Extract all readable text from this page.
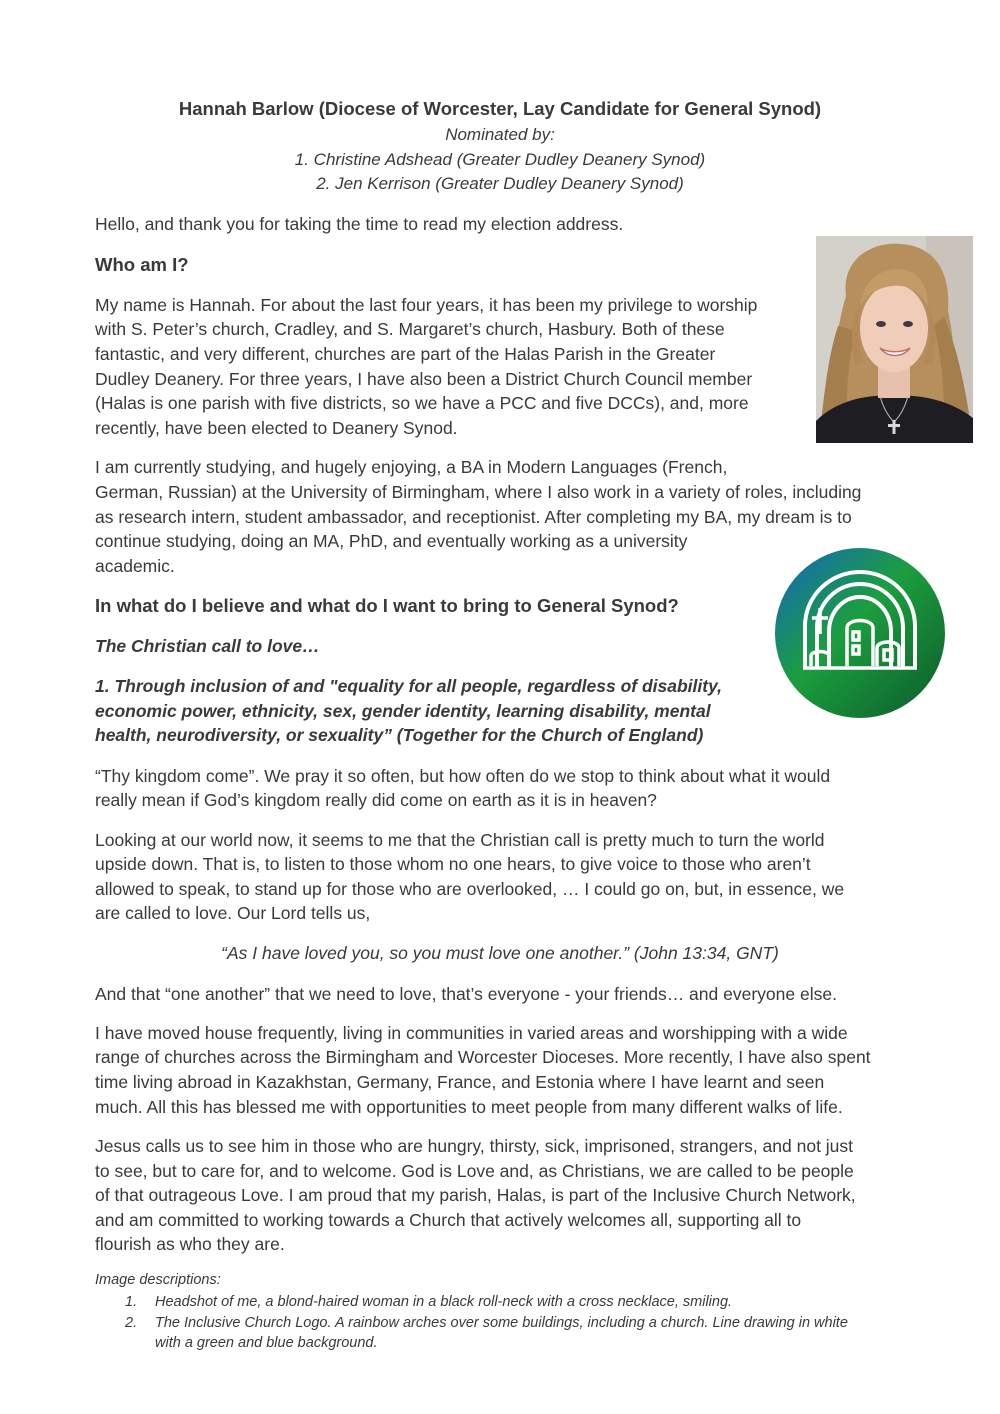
Hannah Barlow (Diocese of Worcester, Lay Candidate for General Synod)

Nominated by:

1. Christine Adshead (Greater Dudley Deanery Synod)

2. Jen Kerrison (Greater Dudley Deanery Synod)

Hello, and thank you for taking the time to read my election address.

Who am I?

My name is Hannah. For about the last four years, it has been my privilege to worship

with S. Peter’s church, Cradley, and S. Margaret’s church, Hasbury. Both of these

fantastic, and very different, churches are part of the Halas Parish in the Greater

Dudley Deanery. For three years, I have also been a District Church Council member

(Halas is one parish with five districts, so we have a PCC and five DCCs), and, more

recently, have been elected to Deanery Synod.

I am currently studying, and hugely enjoying, a BA in Modern Languages (French,

German, Russian) at the University of Birmingham, where I also work in a variety of roles, including

as research intern, student ambassador, and receptionist. After completing my BA, my dream is to

continue studying, doing an MA, PhD, and eventually working as a university

academic.

In what do I believe and what do I want to bring to General Synod?

The Christian call to love…

1. Through inclusion of and "equality for all people, regardless of disability,

economic power, ethnicity, sex, gender identity, learning disability, mental

health, neurodiversity, or sexuality” (Together for the Church of England)

“Thy kingdom come”. We pray it so often, but how often do we stop to think about what it would

really mean if God’s kingdom really did come on earth as it is in heaven?

Looking at our world now, it seems to me that the Christian call is pretty much to turn the world

upside down. That is, to listen to those whom no one hears, to give voice to those who aren’t

allowed to speak, to stand up for those who are overlooked, … I could go on, but, in essence, we

are called to love. Our Lord tells us,

“As I have loved you, so you must love one another.” (John 13:34, GNT)

And that “one another” that we need to love, that’s everyone - your friends… and everyone else.

I have moved house frequently, living in communities in varied areas and worshipping with a wide

range of churches across the Birmingham and Worcester Dioceses. More recently, I have also spent

time living abroad in Kazakhstan, Germany, France, and Estonia where I have learnt and seen

much. All this has blessed me with opportunities to meet people from many different walks of life.

Jesus calls us to see him in those who are hungry, thirsty, sick, imprisoned, strangers, and not just

to see, but to care for, and to welcome. God is Love and, as Christians, we are called to be people

of that outrageous Love. I am proud that my parish, Halas, is part of the Inclusive Church Network,

and am committed to working towards a Church that actively welcomes all, supporting all to

flourish as who they are.

Image descriptions:

1. Headshot of me, a blond-haired woman in a black roll-neck with a cross necklace, smiling.
2. The Inclusive Church Logo. A rainbow arches over some buildings, including a church. Line drawing in white
with a green and blue background.
